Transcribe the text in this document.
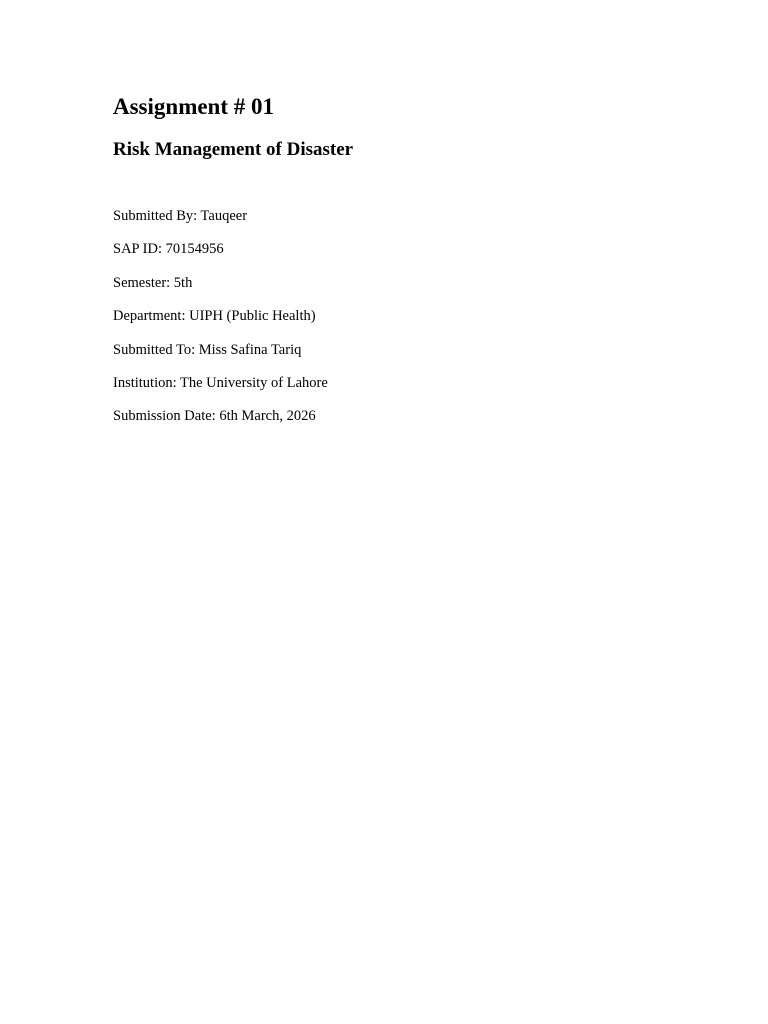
Assignment # 01
Risk Management of Disaster

Submitted By: Tauqeer

SAP ID: 70154956

Semester: 5th

Department: UIPH (Public Health)

Submitted To: Miss Safina Tariq

Institution: The University of Lahore

Submission Date: 6th March, 2026
